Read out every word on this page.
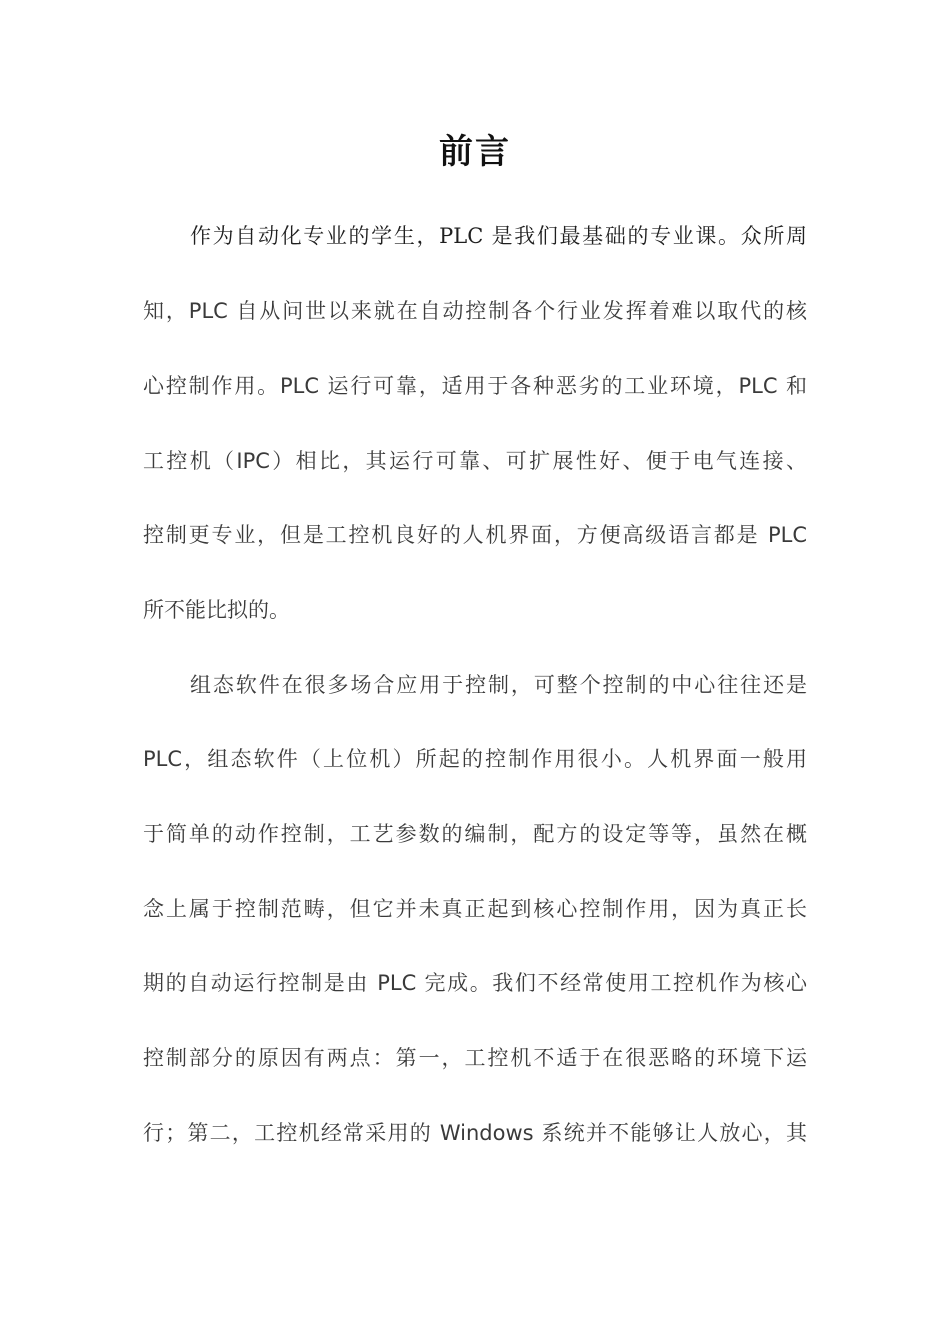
前言
作为自动化专业的学生，PLC 是我们最基础的专业课。众所周
知，PLC 自从问世以来就在自动控制各个行业发挥着难以取代的核
心控制作用。PLC 运行可靠，适用于各种恶劣的工业环境，PLC 和
工控机（IPC）相比，其运行可靠、可扩展性好、便于电气连接、
控制更专业，但是工控机良好的人机界面，方便高级语言都是 PLC
所不能比拟的。
组态软件在很多场合应用于控制，可整个控制的中心往往还是
PLC，组态软件（上位机）所起的控制作用很小。人机界面一般用
于简单的动作控制，工艺参数的编制，配方的设定等等，虽然在概
念上属于控制范畴，但它并未真正起到核心控制作用，因为真正长
期的自动运行控制是由 PLC 完成。我们不经常使用工控机作为核心
控制部分的原因有两点：第一，工控机不适于在很恶略的环境下运
行；第二，工控机经常采用的 Windows 系统并不能够让人放心，其
